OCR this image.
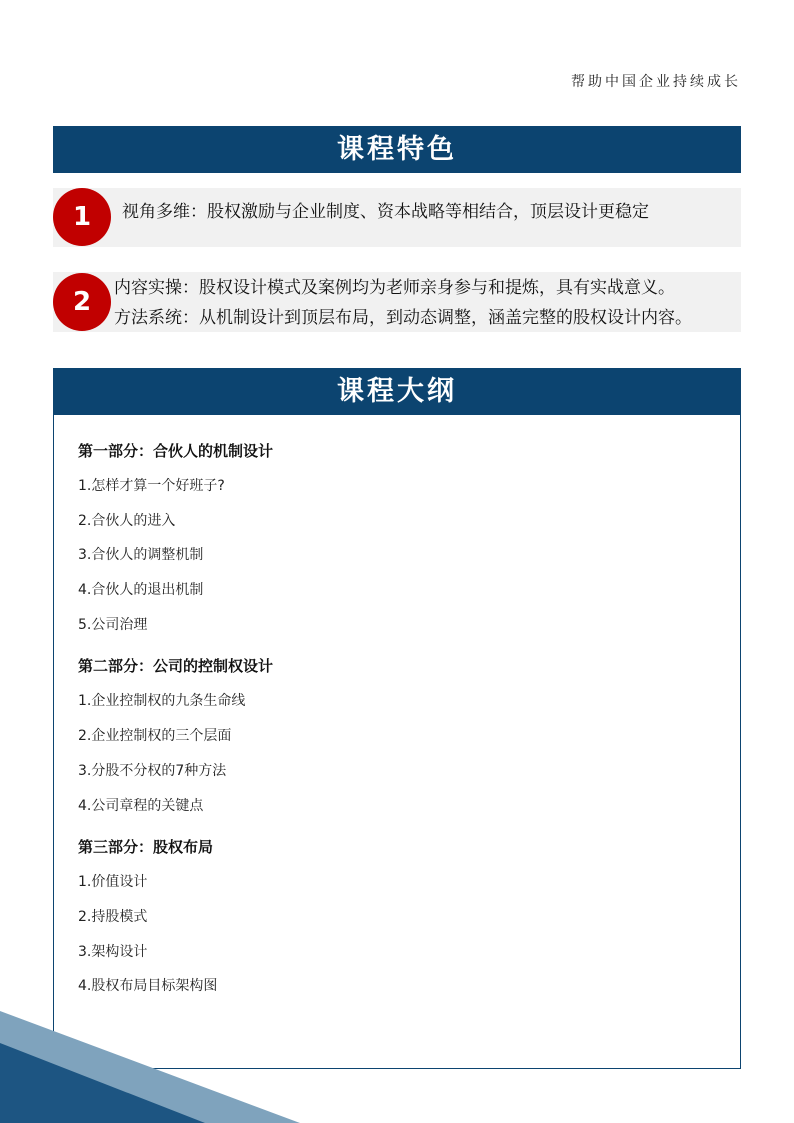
帮助中国企业持续成长
课程特色
1	视角多维：股权激励与企业制度、资本战略等相结合，顶层设计更稳定
2	内容实操：股权设计模式及案例均为老师亲身参与和提炼，具有实战意义。
方法系统：从机制设计到顶层布局，到动态调整，涵盖完整的股权设计内容。
课程大纲
第一部分：合伙人的机制设计
1.怎样才算一个好班子?
2.合伙人的进入
3.合伙人的调整机制
4.合伙人的退出机制
5.公司治理
第二部分：公司的控制权设计
1.企业控制权的九条生命线
2.企业控制权的三个层面
3.分股不分权的7种方法
4.公司章程的关键点
第三部分：股权布局
1.价值设计
2.持股模式
3.架构设计
4.股权布局目标架构图
